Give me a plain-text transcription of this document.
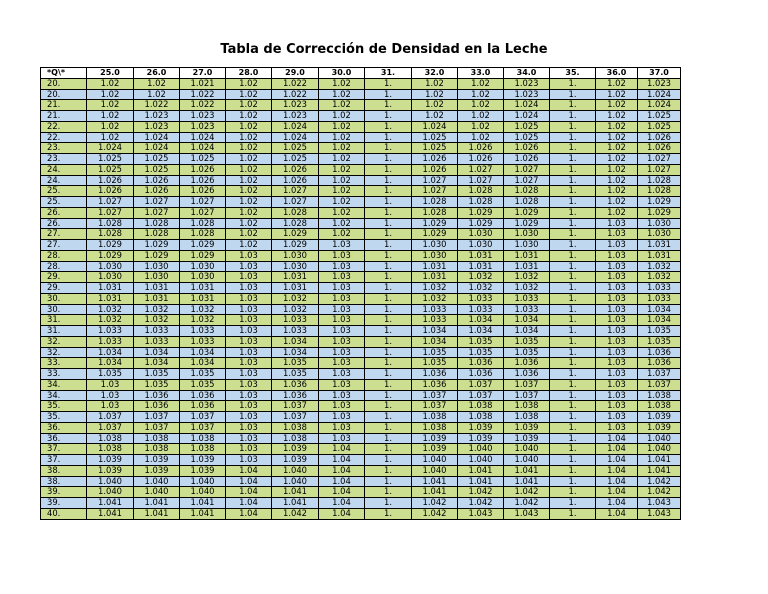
Tabla de Corrección de Densidad en la Leche
*Q\*	25.0	26.0	27.0	28.0	29.0	30.0	31.	32.0	33.0	34.0	35.	36.0	37.0
20.	1.02	1.02	1.021	1.02	1.022	1.02	1.	1.02	1.02	1.023	1.	1.02	1.023
20.	1.02	1.02	1.022	1.02	1.022	1.02	1.	1.02	1.02	1.023	1.	1.02	1.024
21.	1.02	1.022	1.022	1.02	1.023	1.02	1.	1.02	1.02	1.024	1.	1.02	1.024
21.	1.02	1.023	1.023	1.02	1.023	1.02	1.	1.02	1.02	1.024	1.	1.02	1.025
22.	1.02	1.023	1.023	1.02	1.024	1.02	1.	1.024	1.02	1.025	1.	1.02	1.025
22.	1.02	1.024	1.024	1.02	1.024	1.02	1.	1.025	1.02	1.025	1.	1.02	1.026
23.	1.024	1.024	1.024	1.02	1.025	1.02	1.	1.025	1.026	1.026	1.	1.02	1.026
23.	1.025	1.025	1.025	1.02	1.025	1.02	1.	1.026	1.026	1.026	1.	1.02	1.027
24.	1.025	1.025	1.026	1.02	1.026	1.02	1.	1.026	1.027	1.027	1.	1.02	1.027
24.	1.026	1.026	1.026	1.02	1.026	1.02	1.	1.027	1.027	1.027	1.	1.02	1.028
25.	1.026	1.026	1.026	1.02	1.027	1.02	1.	1.027	1.028	1.028	1.	1.02	1.028
25.	1.027	1.027	1.027	1.02	1.027	1.02	1.	1.028	1.028	1.028	1.	1.02	1.029
26.	1.027	1.027	1.027	1.02	1.028	1.02	1.	1.028	1.029	1.029	1.	1.02	1.029
26.	1.028	1.028	1.028	1.02	1.028	1.02	1.	1.029	1.029	1.029	1.	1.03	1.030
27.	1.028	1.028	1.028	1.02	1.029	1.02	1.	1.029	1.030	1.030	1.	1.03	1.030
27.	1.029	1.029	1.029	1.02	1.029	1.03	1.	1.030	1.030	1.030	1.	1.03	1.031
28.	1.029	1.029	1.029	1.03	1.030	1.03	1.	1.030	1.031	1.031	1.	1.03	1.031
28.	1.030	1.030	1.030	1.03	1.030	1.03	1.	1.031	1.031	1.031	1.	1.03	1.032
29.	1.030	1.030	1.030	1.03	1.031	1.03	1.	1.031	1.032	1.032	1.	1.03	1.032
29.	1.031	1.031	1.031	1.03	1.031	1.03	1.	1.032	1.032	1.032	1.	1.03	1.033
30.	1.031	1.031	1.031	1.03	1.032	1.03	1.	1.032	1.033	1.033	1.	1.03	1.033
30.	1.032	1.032	1.032	1.03	1.032	1.03	1.	1.033	1.033	1.033	1.	1.03	1.034
31.	1.032	1.032	1.032	1.03	1.033	1.03	1.	1.033	1.034	1.034	1.	1.03	1.034
31.	1.033	1.033	1.033	1.03	1.033	1.03	1.	1.034	1.034	1.034	1.	1.03	1.035
32.	1.033	1.033	1.033	1.03	1.034	1.03	1.	1.034	1.035	1.035	1.	1.03	1.035
32.	1.034	1.034	1.034	1.03	1.034	1.03	1.	1.035	1.035	1.035	1.	1.03	1.036
33.	1.034	1.034	1.034	1.03	1.035	1.03	1.	1.035	1.036	1.036	1.	1.03	1.036
33.	1.035	1.035	1.035	1.03	1.035	1.03	1.	1.036	1.036	1.036	1.	1.03	1.037
34.	1.03	1.035	1.035	1.03	1.036	1.03	1.	1.036	1.037	1.037	1.	1.03	1.037
34.	1.03	1.036	1.036	1.03	1.036	1.03	1.	1.037	1.037	1.037	1.	1.03	1.038
35.	1.03	1.036	1.036	1.03	1.037	1.03	1.	1.037	1.038	1.038	1.	1.03	1.038
35.	1.037	1.037	1.037	1.03	1.037	1.03	1.	1.038	1.038	1.038	1.	1.03	1.039
36.	1.037	1.037	1.037	1.03	1.038	1.03	1.	1.038	1.039	1.039	1.	1.03	1.039
36.	1.038	1.038	1.038	1.03	1.038	1.03	1.	1.039	1.039	1.039	1.	1.04	1.040
37.	1.038	1.038	1.038	1.03	1.039	1.04	1.	1.039	1.040	1.040	1.	1.04	1.040
37.	1.039	1.039	1.039	1.03	1.039	1.04	1.	1.040	1.040	1.040	1.	1.04	1.041
38.	1.039	1.039	1.039	1.04	1.040	1.04	1.	1.040	1.041	1.041	1.	1.04	1.041
38.	1.040	1.040	1.040	1.04	1.040	1.04	1.	1.041	1.041	1.041	1.	1.04	1.042
39.	1.040	1.040	1.040	1.04	1.041	1.04	1.	1.041	1.042	1.042	1.	1.04	1.042
39.	1.041	1.041	1.041	1.04	1.041	1.04	1.	1.042	1.042	1.042	1.	1.04	1.043
40.	1.041	1.041	1.041	1.04	1.042	1.04	1.	1.042	1.043	1.043	1.	1.04	1.043
